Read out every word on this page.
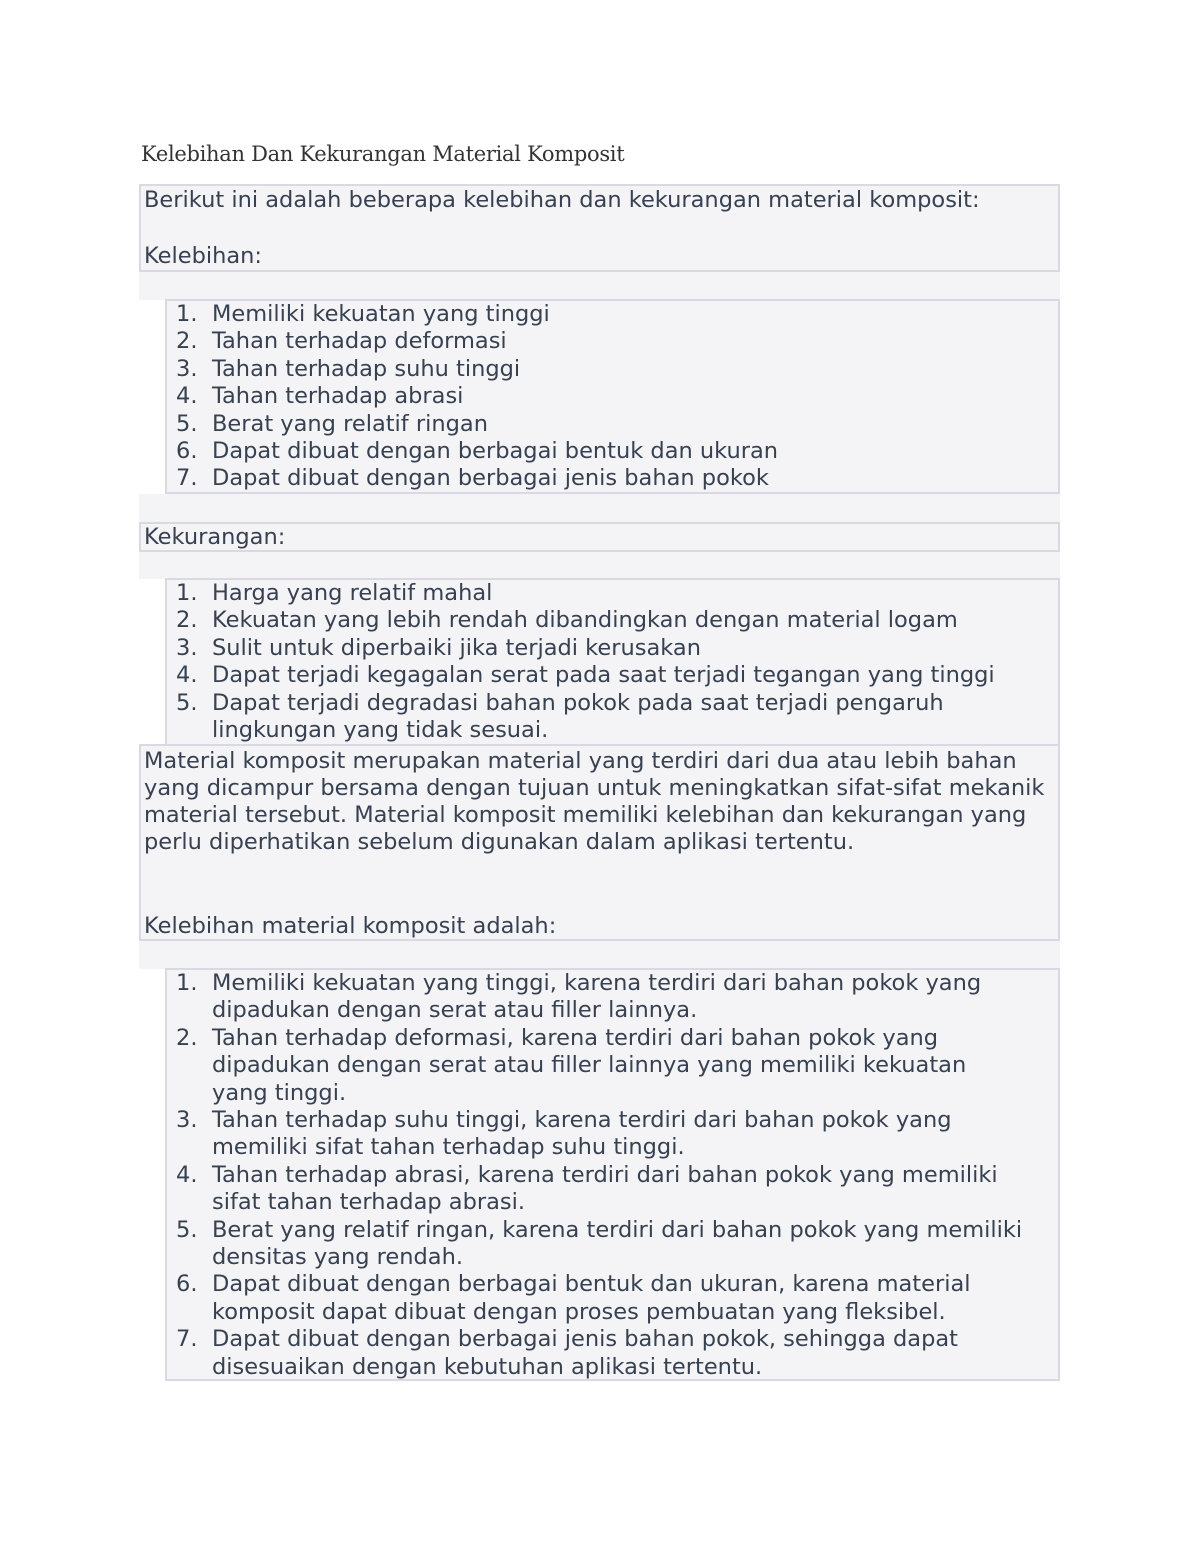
Kelebihan Dan Kekurangan Material Komposit
Berikut ini adalah beberapa kelebihan dan kekurangan material komposit:
Kelebihan:
1. Memiliki kekuatan yang tinggi
2. Tahan terhadap deformasi
3. Tahan terhadap suhu tinggi
4. Tahan terhadap abrasi
5. Berat yang relatif ringan
6. Dapat dibuat dengan berbagai bentuk dan ukuran
7. Dapat dibuat dengan berbagai jenis bahan pokok
Kekurangan:
1. Harga yang relatif mahal
2. Kekuatan yang lebih rendah dibandingkan dengan material logam
3. Sulit untuk diperbaiki jika terjadi kerusakan
4. Dapat terjadi kegagalan serat pada saat terjadi tegangan yang tinggi
5. Dapat terjadi degradasi bahan pokok pada saat terjadi pengaruh lingkungan yang tidak sesuai.
Material komposit merupakan material yang terdiri dari dua atau lebih bahan yang dicampur bersama dengan tujuan untuk meningkatkan sifat-sifat mekanik material tersebut. Material komposit memiliki kelebihan dan kekurangan yang perlu diperhatikan sebelum digunakan dalam aplikasi tertentu.
Kelebihan material komposit adalah:
1. Memiliki kekuatan yang tinggi, karena terdiri dari bahan pokok yang dipadukan dengan serat atau filler lainnya.
2. Tahan terhadap deformasi, karena terdiri dari bahan pokok yang dipadukan dengan serat atau filler lainnya yang memiliki kekuatan yang tinggi.
3. Tahan terhadap suhu tinggi, karena terdiri dari bahan pokok yang memiliki sifat tahan terhadap suhu tinggi.
4. Tahan terhadap abrasi, karena terdiri dari bahan pokok yang memiliki sifat tahan terhadap abrasi.
5. Berat yang relatif ringan, karena terdiri dari bahan pokok yang memiliki densitas yang rendah.
6. Dapat dibuat dengan berbagai bentuk dan ukuran, karena material komposit dapat dibuat dengan proses pembuatan yang fleksibel.
7. Dapat dibuat dengan berbagai jenis bahan pokok, sehingga dapat disesuaikan dengan kebutuhan aplikasi tertentu.
